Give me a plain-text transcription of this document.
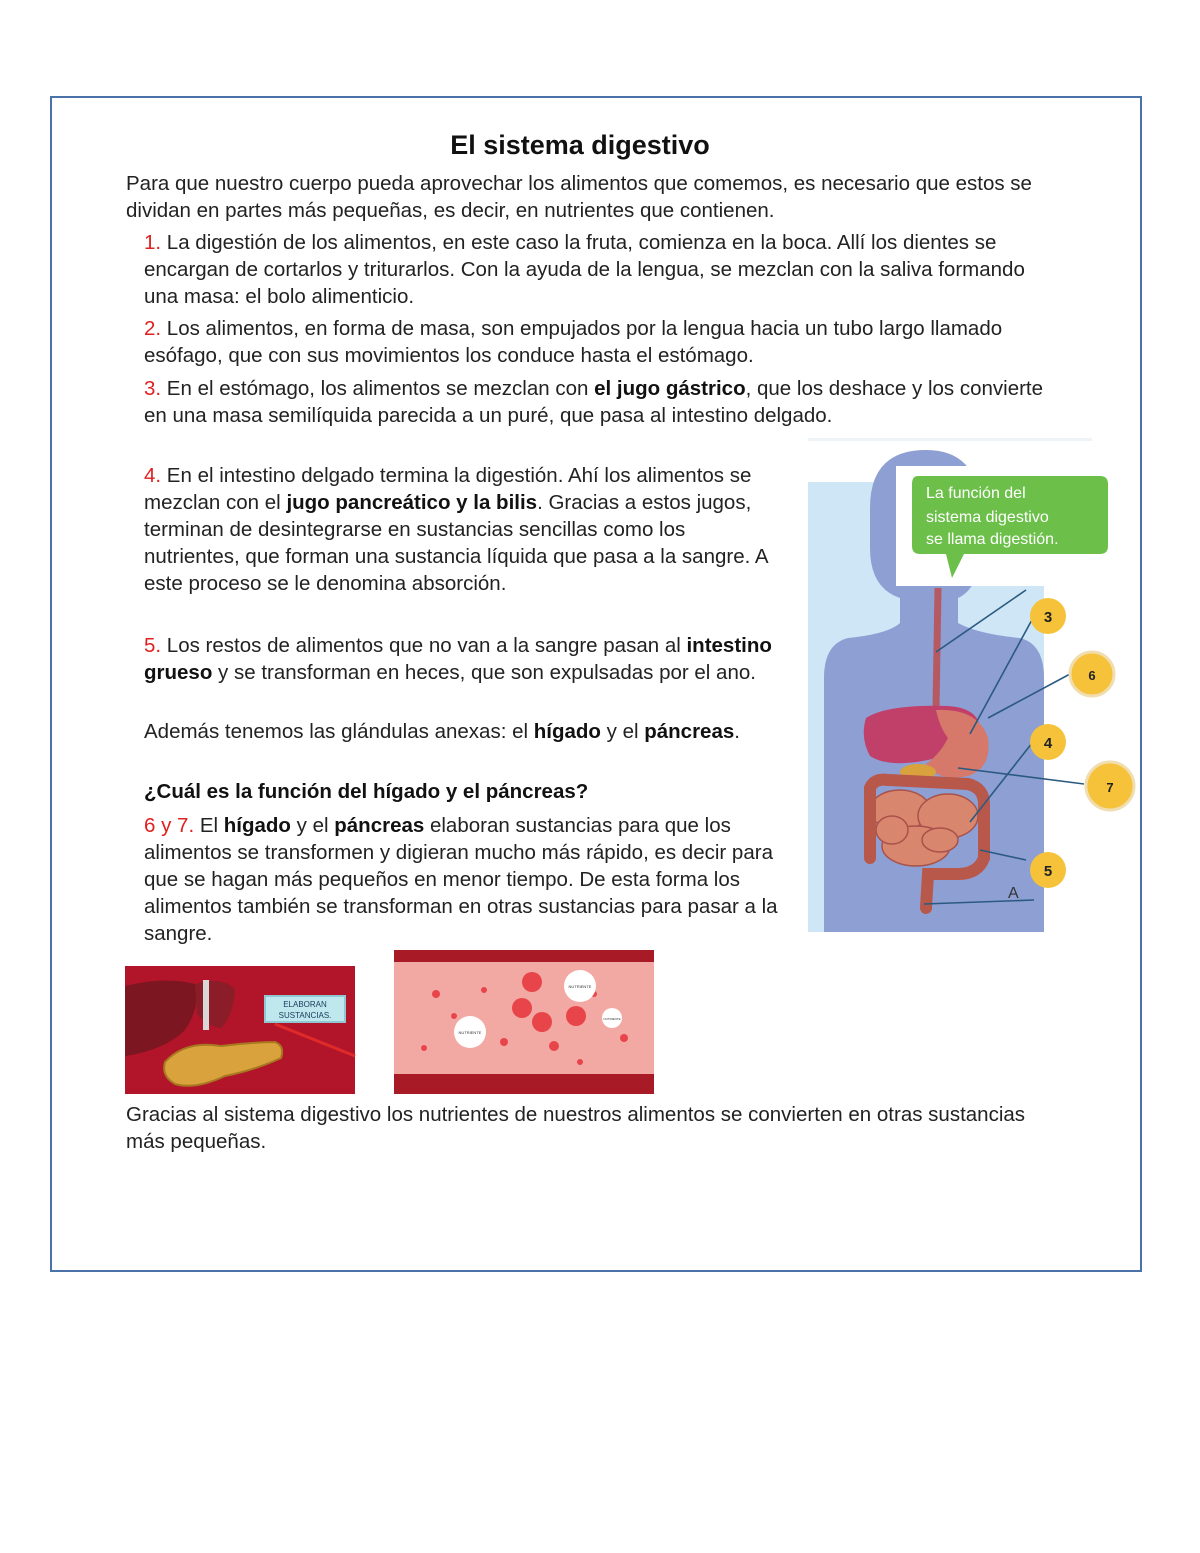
El sistema digestivo

Para que nuestro cuerpo pueda aprovechar los alimentos que comemos, es necesario que estos se dividan en partes más pequeñas, es decir, en nutrientes que contienen.

1. La digestión de los alimentos, en este caso la fruta, comienza en la boca. Allí los dientes se encargan de cortarlos y triturarlos. Con la ayuda de la lengua, se mezclan con la saliva formando una masa: el bolo alimenticio.

2. Los alimentos, en forma de masa, son empujados por la lengua hacia un tubo largo llamado esófago, que con sus movimientos los conduce hasta el estómago.

3. En el estómago, los alimentos se mezclan con el jugo gástrico, que los deshace y los convierte en una masa semilíquida parecida a un puré, que pasa al intestino delgado.

4. En el intestino delgado termina la digestión. Ahí los alimentos se mezclan con el jugo pancreático y la bilis. Gracias a estos jugos, terminan de desintegrarse en sustancias sencillas como los nutrientes, que forman una sustancia líquida que pasa a la sangre. A este proceso se le denomina absorción.

5. Los restos de alimentos que no van a la sangre pasan al intestino grueso y se transforman en heces, que son expulsadas por el ano.

Además tenemos las glándulas anexas: el hígado y el páncreas.

¿Cuál es la función del hígado y el páncreas?

6 y 7. El hígado y el páncreas elaboran sustancias para que los alimentos se transformen y digieran mucho más rápido, es decir para que se hagan más pequeños en menor tiempo. De esta forma los alimentos también se transforman en otras sustancias para pasar a la sangre.

La función del
sistema digestivo
se llama digestión.
3
6
4
7
5
A
ELABORAN
SUSTANCIAS.
NUTRIENTE
NUTRIENTE
NUTRIENTE

Gracias al sistema digestivo los nutrientes de nuestros alimentos se convierten en otras sustancias más pequeñas.
